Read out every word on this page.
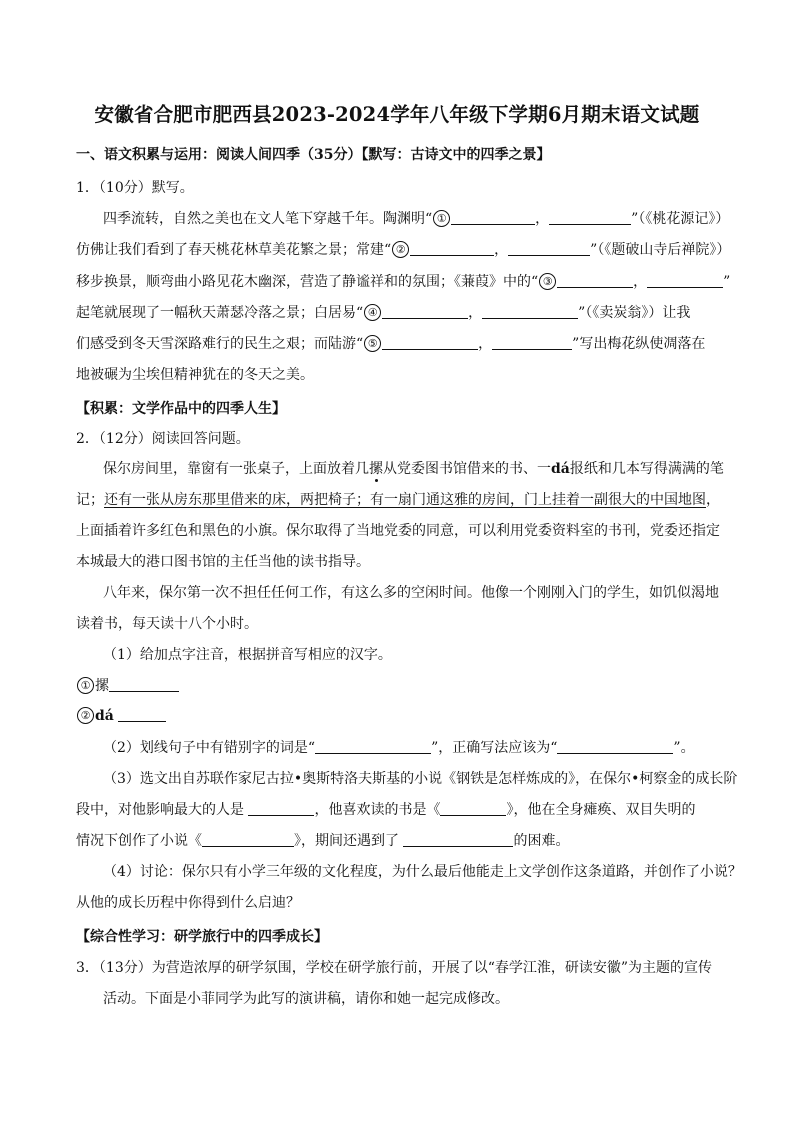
安徽省合肥市肥西县2023-2024学年八年级下学期6月期末语文试题
一、语文积累与运用：阅读人间四季（35分）【默写：古诗文中的四季之景】
1．（10分）默写。
四季流转，自然之美也在文人笔下穿越千年。陶渊明“ ①	，	”（《桃花源记》）
仿佛让我们看到了春天桃花林草美花繁之景；常建“ ②	，	”（《题破山寺后禅院》）
移步换景，顺弯曲小路见花木幽深，营造了静谧祥和的氛围；《蒹葭》中的“ ③	，	”
起笔就展现了一幅秋天萧瑟冷落之景；白居易“ ④	，	”（《卖炭翁》）让我
们感受到冬天雪深路难行的民生之艰；而陆游“ ⑤	，	”写出梅花纵使凋落在
地被碾为尘埃但精神犹在的冬天之美。
【积累：文学作品中的四季人生】
2．（12分）阅读回答问题。
保尔房间里，靠窗有一张桌子，上面放着几摞从党委图书馆借来的书、一dá报纸和几本写得满满的笔
记；还有一张从房东那里借来的床，两把椅子；有一扇门通这雅的房间，门上挂着一副很大的中国地图，
上面插着许多红色和黑色的小旗。保尔取得了当地党委的同意，可以利用党委资料室的书刊，党委还指定
本城最大的港口图书馆的主任当他的读书指导。
八年来，保尔第一次不担任任何工作，有这么多的空闲时间。他像一个刚刚入门的学生，如饥似渴地
读着书，每天读十八个小时。
（1）给加点字注音，根据拼音写相应的汉字。
① 摞
② dá
（2）划线句子中有错别字的词是“	”，正确写法应该为“	”。
（3）选文出自苏联作家尼古拉•奥斯特洛夫斯基的小说《钢铁是怎样炼成的》，在保尔•柯察金的成长阶
段中，对他影响最大的人是	，他喜欢读的书是《	》，他在全身瘫痪、双目失明的
情况下创作了小说《	》，期间还遇到了	的困难。
（4）讨论：保尔只有小学三年级的文化程度，为什么最后他能走上文学创作这条道路，并创作了小说？
从他的成长历程中你得到什么启迪？
【综合性学习：研学旅行中的四季成长】
3．（13分）为营造浓厚的研学氛围，学校在研学旅行前，开展了以“春学江淮，研读安徽”为主题的宣传
活动。下面是小菲同学为此写的演讲稿，请你和她一起完成修改。
